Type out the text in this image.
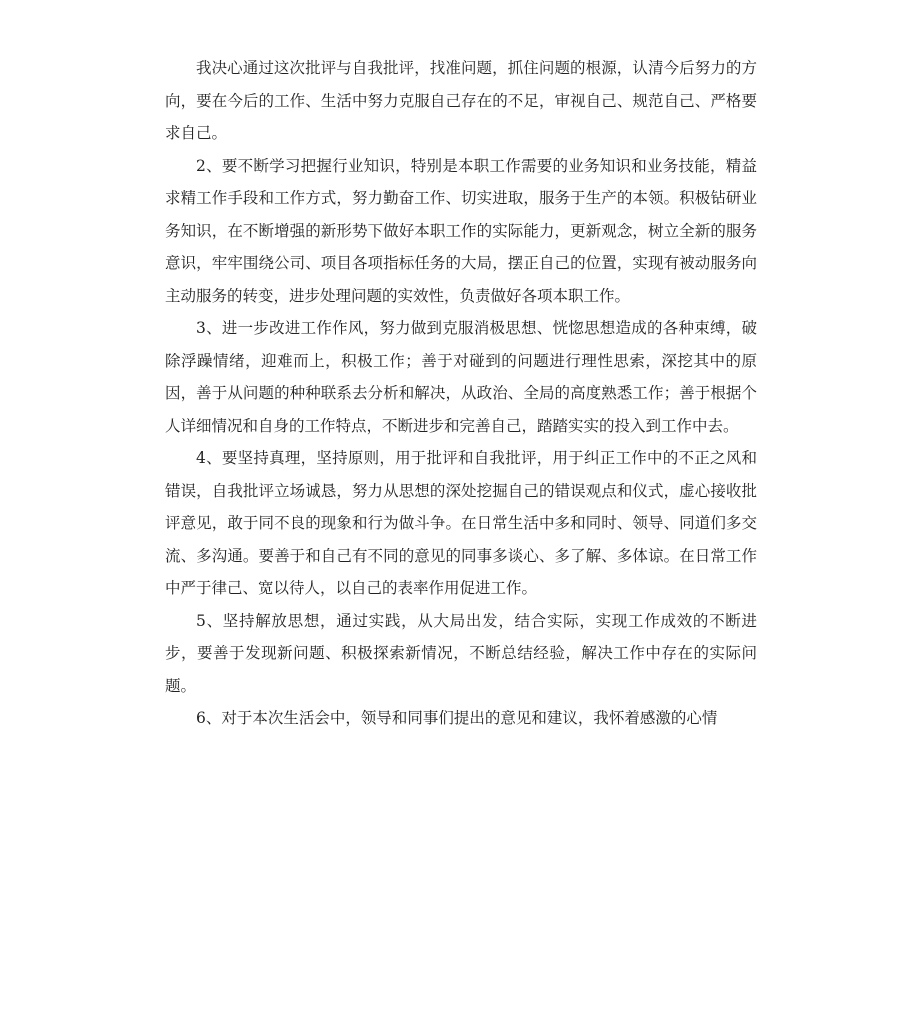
我决心通过这次批评与自我批评，找准问题，抓住问题的根源，认清今后努力的方向，要在今后的工作、生活中努力克服自己存在的不足，审视自己、规范自己、严格要求自己。

2、要不断学习把握行业知识，特别是本职工作需要的业务知识和业务技能，精益求精工作手段和工作方式，努力勤奋工作、切实进取，服务于生产的本领。积极钻研业务知识，在不断增强的新形势下做好本职工作的实际能力，更新观念，树立全新的服务意识，牢牢围绕公司、项目各项指标任务的大局，摆正自己的位置，实现有被动服务向主动服务的转变，进步处理问题的实效性，负责做好各项本职工作。

3、进一步改进工作作风，努力做到克服消极思想、恍惚思想造成的各种束缚，破除浮躁情绪，迎难而上，积极工作；善于对碰到的问题进行理性思索，深挖其中的原因，善于从问题的种种联系去分析和解决，从政治、全局的高度熟悉工作；善于根据个人详细情况和自身的工作特点，不断进步和完善自己，踏踏实实的投入到工作中去。

4、要坚持真理，坚持原则，用于批评和自我批评，用于纠正工作中的不正之风和错误，自我批评立场诚恳，努力从思想的深处挖掘自己的错误观点和仪式，虚心接收批评意见，敢于同不良的现象和行为做斗争。在日常生活中多和同时、领导、同道们多交流、多沟通。要善于和自己有不同的意见的同事多谈心、多了解、多体谅。在日常工作中严于律己、宽以待人，以自己的表率作用促进工作。

5、坚持解放思想，通过实践，从大局出发，结合实际，实现工作成效的不断进步，要善于发现新问题、积极探索新情况，不断总结经验，解决工作中存在的实际问题。

6、对于本次生活会中，领导和同事们提出的意见和建议，我怀着感激的心情
